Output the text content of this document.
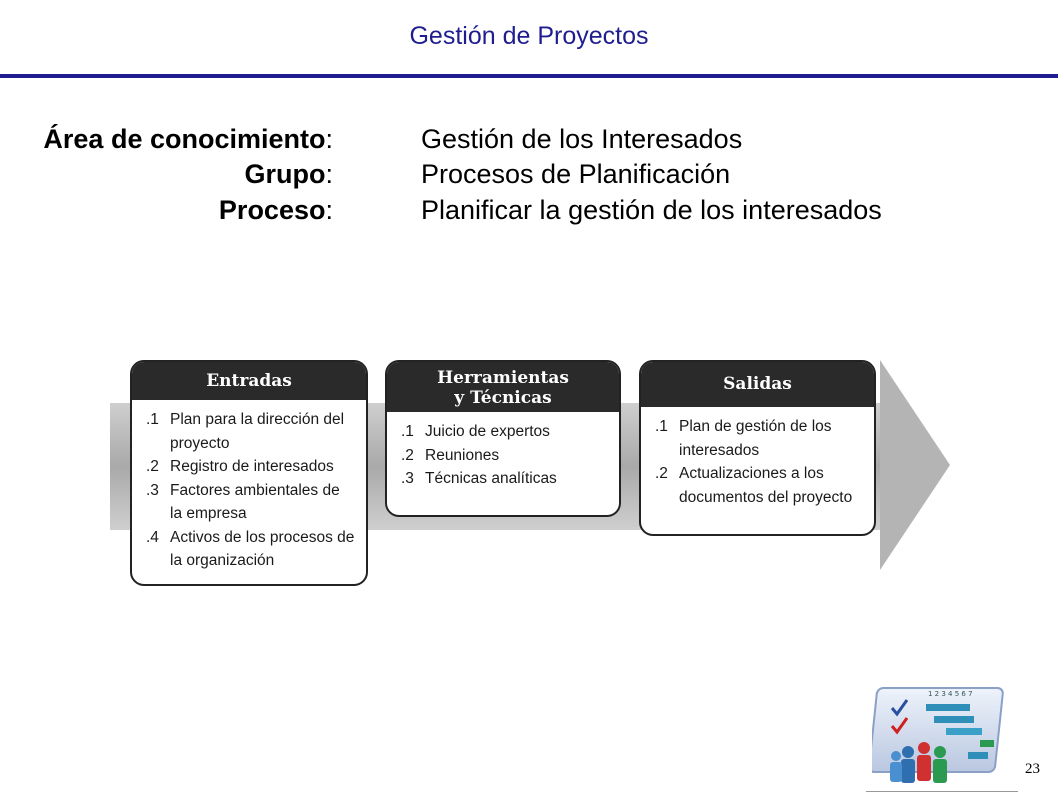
Gestión de Proyectos
Área de conocimiento:	Gestión de los Interesados
Grupo:	Procesos de Planificación
Proceso:	Planificar la gestión de los interesados
Entradas
.1 Plan para la dirección del proyecto
.2 Registro de interesados
.3 Factores ambientales de la empresa
.4 Activos de los procesos de la organización
Herramientas
y Técnicas
.1 Juicio de expertos
.2 Reuniones
.3 Técnicas analíticas
Salidas
.1 Plan de gestión de los interesados
.2 Actualizaciones a los documentos del proyecto
1 2 3 4 5 6 7
23
